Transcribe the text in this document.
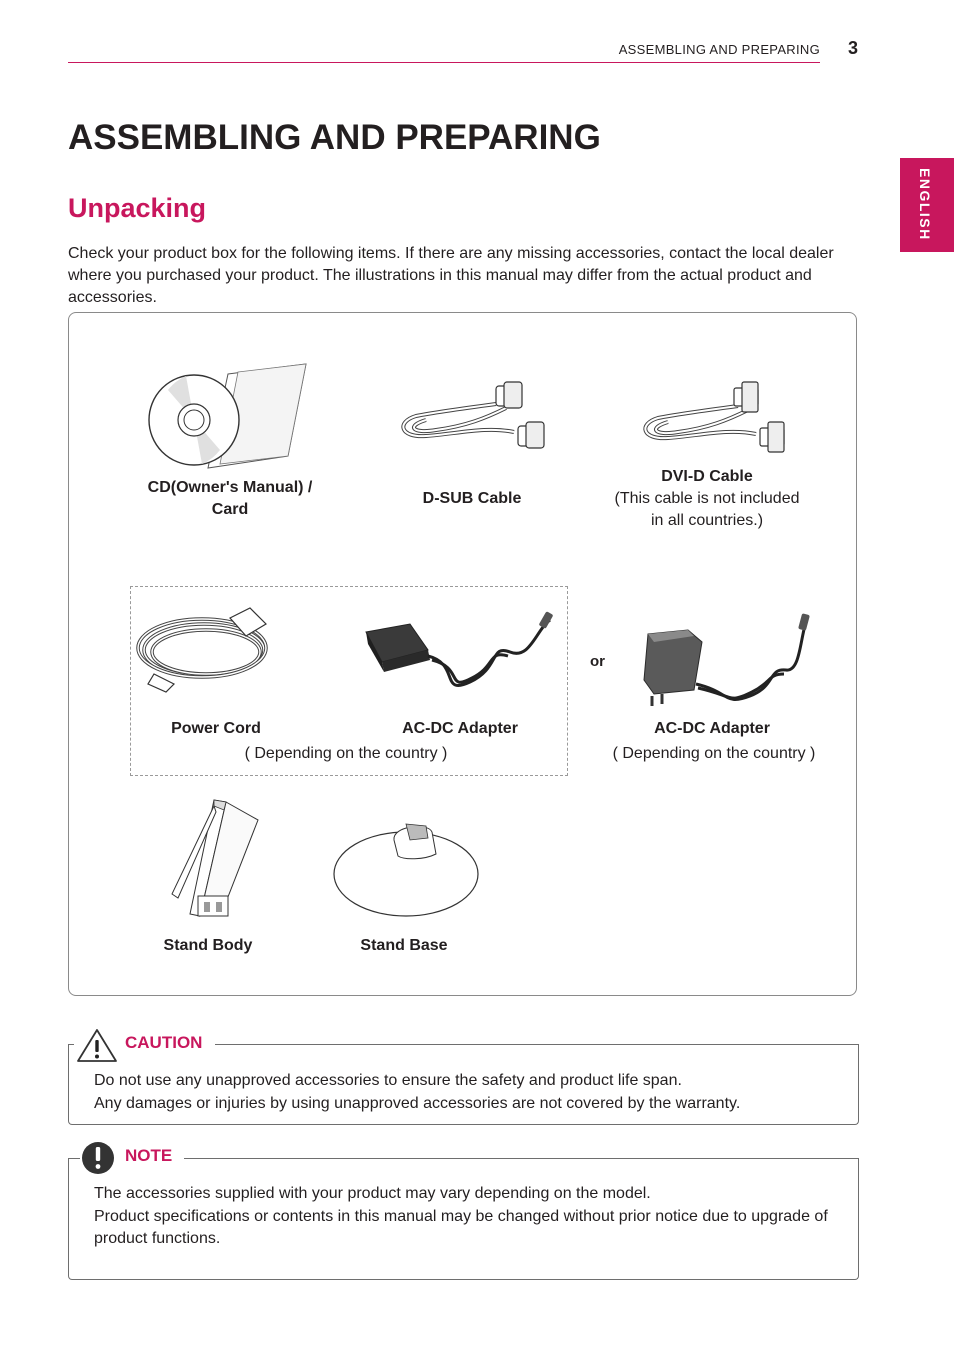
ASSEMBLING AND PREPARING 3
ENGLISH
ASSEMBLING AND PREPARING
Unpacking

Check your product box for the following items. If there are any missing accessories, contact the local dealer where you purchased your product. The illustrations in this manual may differ from the actual product and accessories.

or
CD(Owner's Manual) /
Card
D-SUB Cable
DVI-D Cable
(This cable is not included
in all countries.)
Power Cord	AC-DC Adapter
( Depending on the country )
AC-DC Adapter
( Depending on the country )
Stand Body	Stand Base
CAUTION
Do not use any unapproved accessories to ensure the safety and product life span.
Any damages or injuries by using unapproved accessories are not covered by the warranty.
NOTE
The accessories supplied with your product may vary depending on the model.
Product specifications or contents in this manual may be changed without prior notice due to upgrade of product functions.
